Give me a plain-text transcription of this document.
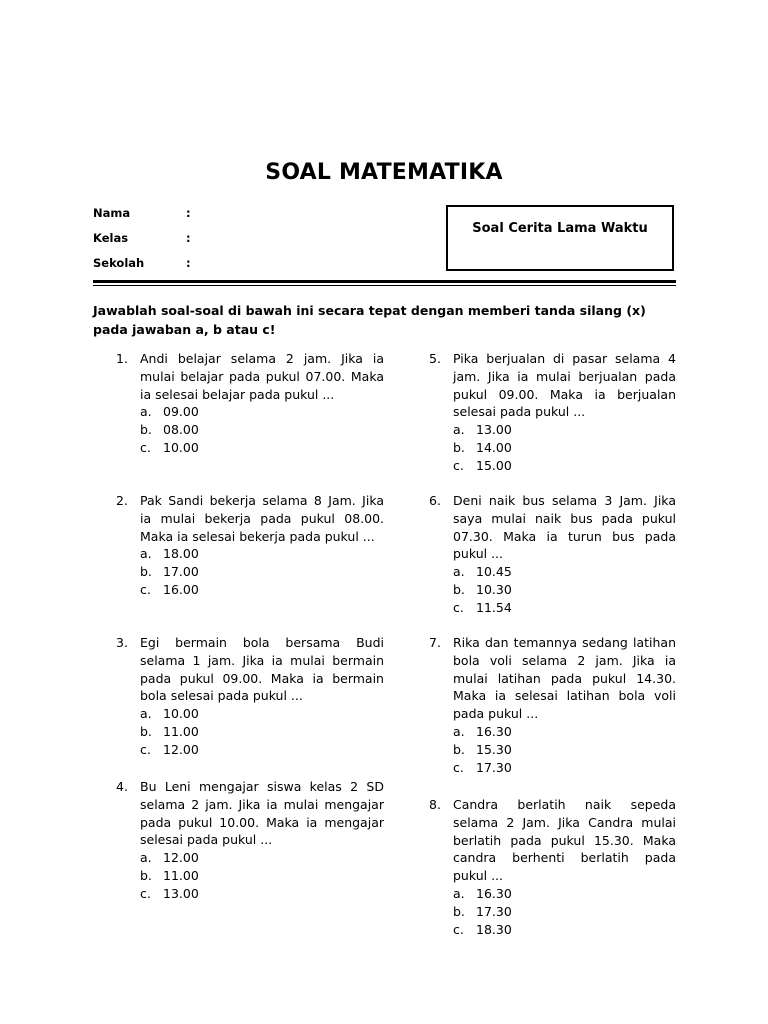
SOAL MATEMATIKA
Nama	:
Kelas	:
Sekolah	:
Soal Cerita Lama Waktu
Jawablah soal-soal di bawah ini secara tepat dengan memberi tanda silang (x) pada jawaban a, b atau c!
1. Andi belajar selama 2 jam. Jika ia mulai belajar pada pukul 07.00. Maka ia selesai belajar pada pukul ...
a. 09.00
b. 08.00
c. 10.00
2. Pak Sandi bekerja selama 8 Jam. Jika ia mulai bekerja pada pukul 08.00. Maka ia selesai bekerja pada pukul ...
a. 18.00
b. 17.00
c. 16.00
3. Egi bermain bola bersama Budi selama 1 jam. Jika ia mulai bermain pada pukul 09.00. Maka ia bermain bola selesai pada pukul ...
a. 10.00
b. 11.00
c. 12.00
4. Bu Leni mengajar siswa kelas 2 SD selama 2 jam. Jika ia mulai mengajar pada pukul 10.00. Maka ia mengajar selesai pada pukul ...
a. 12.00
b. 11.00
c. 13.00
5. Pika berjualan di pasar selama 4 jam. Jika ia mulai berjualan pada pukul 09.00. Maka ia berjualan selesai pada pukul ...
a. 13.00
b. 14.00
c. 15.00
6. Deni naik bus selama 3 Jam. Jika saya mulai naik bus pada pukul 07.30. Maka ia turun bus pada pukul ...
a. 10.45
b. 10.30
c. 11.54
7. Rika dan temannya sedang latihan bola voli selama 2 jam. Jika ia mulai latihan pada pukul 14.30. Maka ia selesai latihan bola voli pada pukul ...
a. 16.30
b. 15.30
c. 17.30
8. Candra berlatih naik sepeda selama 2 Jam. Jika Candra mulai berlatih pada pukul 15.30. Maka candra berhenti berlatih pada pukul ...
a. 16.30
b. 17.30
c. 18.30
